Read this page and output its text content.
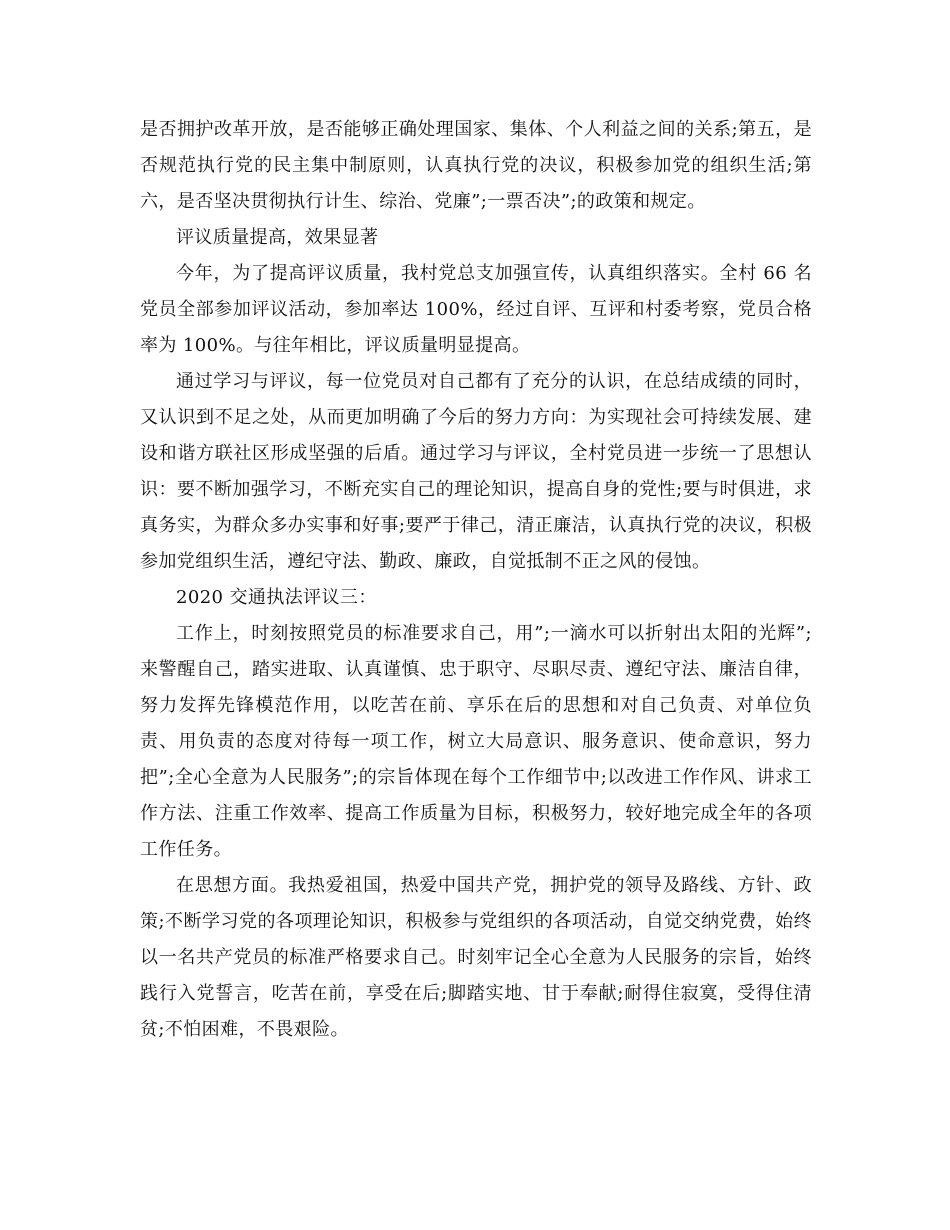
是否拥护改革开放，是否能够正确处理国家、集体、个人利益之间的关系;第五，是否规范执行党的民主集中制原则，认真执行党的决议，积极参加党的组织生活;第六，是否坚决贯彻执行计生、综治、党廉”;一票否决”;的政策和规定。

评议质量提高，效果显著

今年，为了提高评议质量，我村党总支加强宣传，认真组织落实。全村 66 名党员全部参加评议活动，参加率达 100%，经过自评、互评和村委考察，党员合格率为 100%。与往年相比，评议质量明显提高。

通过学习与评议，每一位党员对自己都有了充分的认识，在总结成绩的同时，又认识到不足之处，从而更加明确了今后的努力方向：为实现社会可持续发展、建设和谐方联社区形成坚强的后盾。通过学习与评议，全村党员进一步统一了思想认识：要不断加强学习，不断充实自己的理论知识，提高自身的党性;要与时俱进，求真务实，为群众多办实事和好事;要严于律己，清正廉洁，认真执行党的决议，积极参加党组织生活，遵纪守法、勤政、廉政，自觉抵制不正之风的侵蚀。

2020 交通执法评议三：

工作上，时刻按照党员的标准要求自己，用”;一滴水可以折射出太阳的光辉”;来警醒自己，踏实进取、认真谨慎、忠于职守、尽职尽责、遵纪守法、廉洁自律，努力发挥先锋模范作用，以吃苦在前、享乐在后的思想和对自己负责、对单位负责、用负责的态度对待每一项工作，树立大局意识、服务意识、使命意识，努力把”;全心全意为人民服务”;的宗旨体现在每个工作细节中;以改进工作作风、讲求工作方法、注重工作效率、提高工作质量为目标，积极努力，较好地完成全年的各项工作任务。

在思想方面。我热爱祖国，热爱中国共产党，拥护党的领导及路线、方针、政策;不断学习党的各项理论知识，积极参与党组织的各项活动，自觉交纳党费，始终以一名共产党员的标准严格要求自己。时刻牢记全心全意为人民服务的宗旨，始终践行入党誓言，吃苦在前，享受在后;脚踏实地、甘于奉献;耐得住寂寞，受得住清贫;不怕困难，不畏艰险。
